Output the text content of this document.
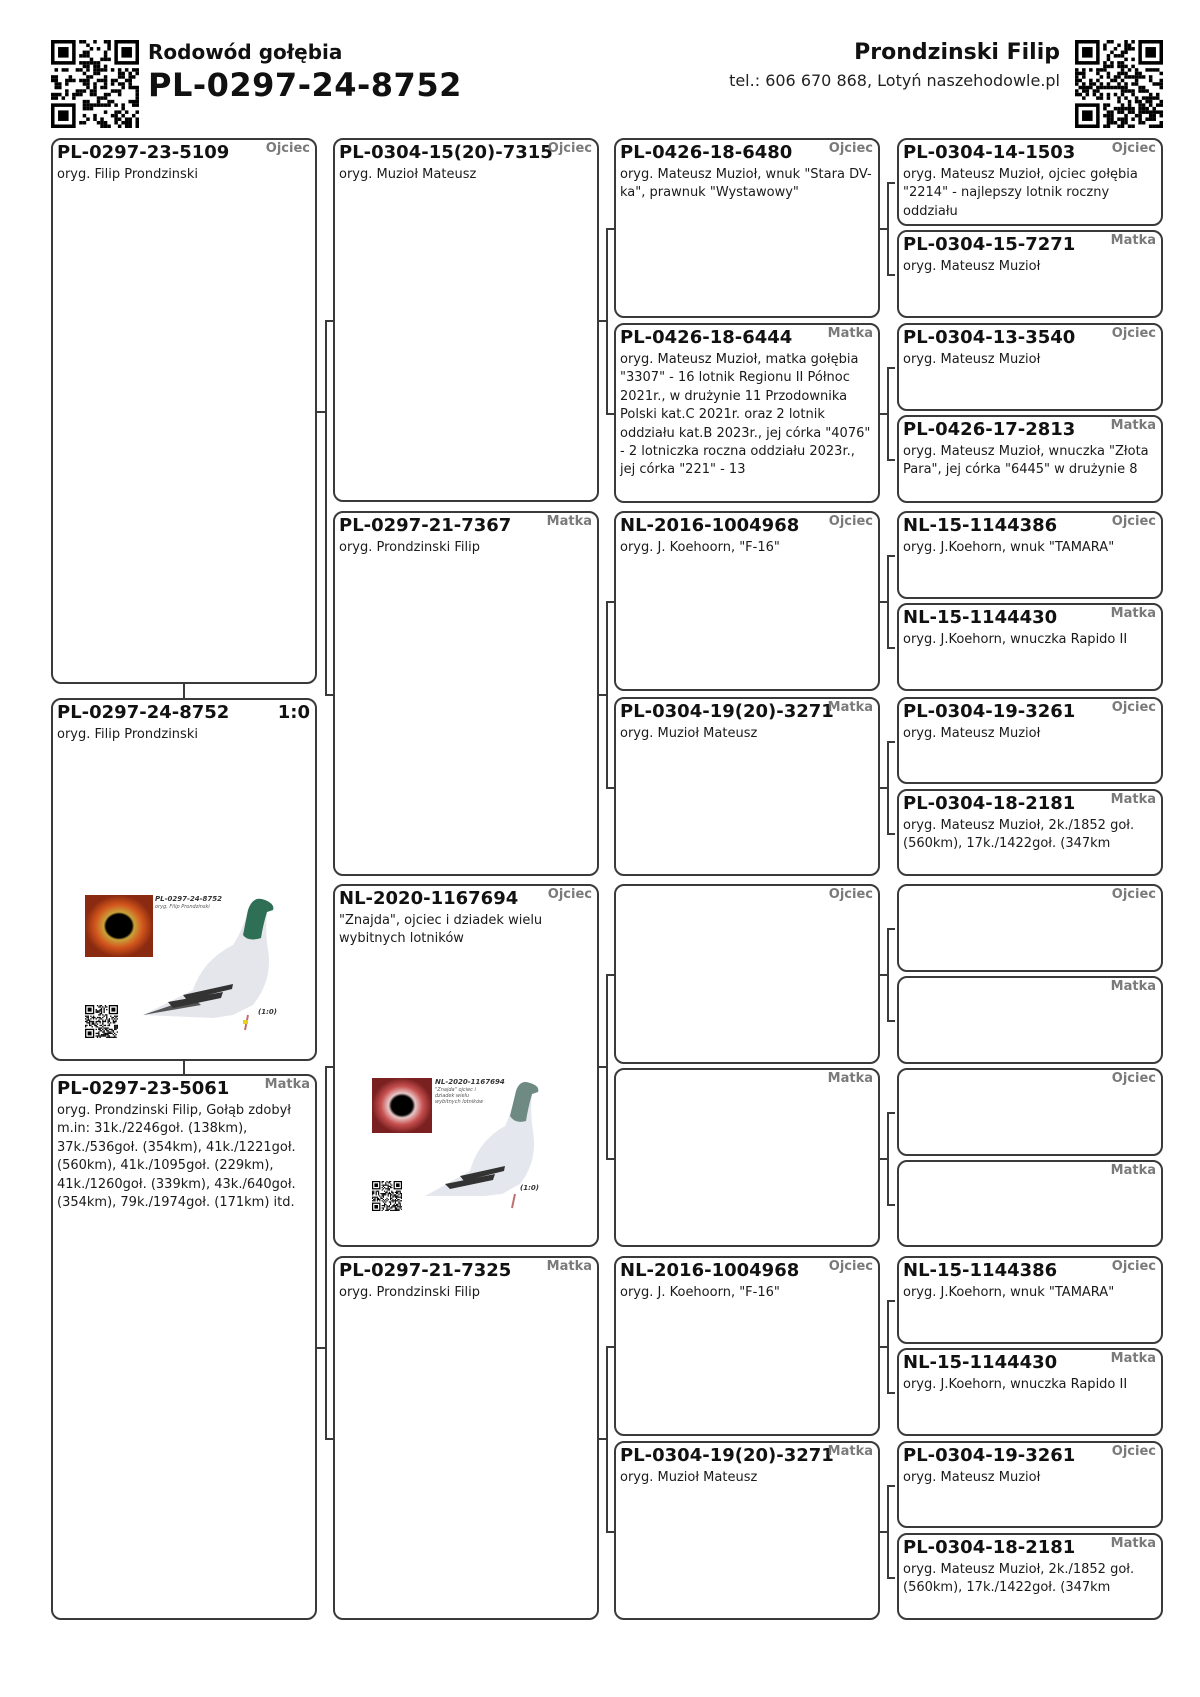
Rodowód gołębia
PL-0297-24-8752
Prondzinski Filip
tel.: 606 670 868, Lotyń naszehodowle.pl
PL-0297-23-5109	Ojciec
oryg. Filip Prondzinski
PL-0297-24-8752	1:0
oryg. Filip Prondzinski
PL-0297-24-8752
oryg. Filip Prondzinski
(1:0)
PL-0297-23-5061	Matka
oryg. Prondzinski Filip, Gołąb zdobył m.in: 31k./2246goł. (138km), 37k./536goł. (354km), 41k./1221goł. (560km), 41k./1095goł. (229km), 41k./1260goł. (339km), 43k./640goł. (354km), 79k./1974goł. (171km) itd.
PL-0304-15(20)-7315
Ojciec
oryg. Muzioł Mateusz
PL-0297-21-7367	Matka
oryg. Prondzinski Filip
NL-2020-1167694 Ojciec
"Znajda", ojciec i dziadek wielu wybitnych lotników
NL-2020-1167694
"Znajda" ojciec i dziadek wielu wybitnych lotników
(1:0)
PL-0297-21-7325	Matka
oryg. Prondzinski Filip
PL-0426-18-6480	Ojciec
oryg. Mateusz Muzioł, wnuk "Stara DV-ka", prawnuk "Wystawowy"
PL-0426-18-6444	Matka
oryg. Mateusz Muzioł, matka gołębia "3307" - 16 lotnik Regionu II Północ 2021r., w drużynie 11 Przodownika Polski kat.C 2021r. oraz 2 lotnik oddziału kat.B 2023r., jej córka "4076" - 2 lotniczka roczna oddziału 2023r., jej córka "221" - 13
NL-2016-1004968 Ojciec
oryg. J. Koehoorn, "F-16"
PL-0304-19(20)-3271
Matka
oryg. Muzioł Mateusz
Ojciec
Matka
NL-2016-1004968 Ojciec
oryg. J. Koehoorn, "F-16"
PL-0304-19(20)-3271
Matka
oryg. Muzioł Mateusz
PL-0304-14-1503	Ojciec
oryg. Mateusz Muzioł, ojciec gołębia "2214" - najlepszy lotnik roczny oddziału
PL-0304-15-7271	Matka
oryg. Mateusz Muzioł
PL-0304-13-3540	Ojciec
oryg. Mateusz Muzioł
PL-0426-17-2813	Matka
oryg. Mateusz Muzioł, wnuczka "Złota Para", jej córka "6445" w drużynie 8
NL-15-1144386	Ojciec
oryg. J.Koehorn, wnuk "TAMARA"
NL-15-1144430	Matka
oryg. J.Koehorn, wnuczka Rapido II
PL-0304-19-3261	Ojciec
oryg. Mateusz Muzioł
PL-0304-18-2181	Matka
oryg. Mateusz Muzioł, 2k./1852 goł. (560km), 17k./1422goł. (347km
Ojciec
Matka
Ojciec
Matka
NL-15-1144386	Ojciec
oryg. J.Koehorn, wnuk "TAMARA"
NL-15-1144430	Matka
oryg. J.Koehorn, wnuczka Rapido II
PL-0304-19-3261	Ojciec
oryg. Mateusz Muzioł
PL-0304-18-2181	Matka
oryg. Mateusz Muzioł, 2k./1852 goł. (560km), 17k./1422goł. (347km
